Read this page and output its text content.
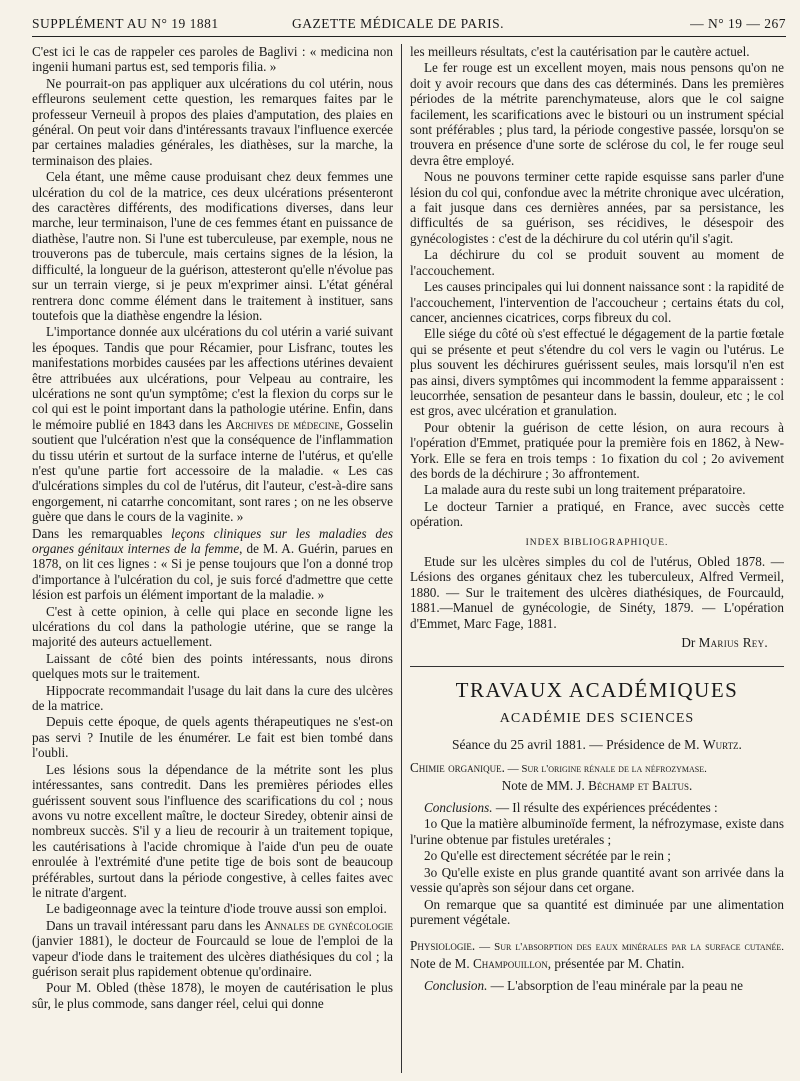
SUPPLÉMENT AU N° 19 1881	GAZETTE MÉDICALE DE PARIS.	— N° 19 — 267

C'est ici le cas de rappeler ces paroles de Baglivi : « medicina non ingenii humani partus est, sed temporis filia. »

Ne pourrait-on pas appliquer aux ulcérations du col utérin, nous effleurons seulement cette question, les remarques faites par le professeur Verneuil à propos des plaies d'amputation, des plaies en général. On peut voir dans d'intéressants travaux l'influence exercée par certaines maladies générales, les diathèses, sur la marche, la terminaison des plaies.

Cela étant, une même cause produisant chez deux femmes une ulcération du col de la matrice, ces deux ulcérations présenteront des caractères différents, des modifications diverses, dans leur marche, leur terminaison, l'une de ces femmes étant en puissance de diathèse, l'autre non. Si l'une est tuberculeuse, par exemple, nous ne trouverons pas de tubercule, mais certains signes de la lésion, la difficulté, la longueur de la guérison, attesteront qu'elle n'évolue pas sur un terrain vierge, si je peux m'exprimer ainsi. L'état général rentrera donc comme élément dans le traitement à instituer, sans toutefois que la diathèse engendre la lésion.

L'importance donnée aux ulcérations du col utérin a varié suivant les époques. Tandis que pour Récamier, pour Lisfranc, toutes les manifestations morbides causées par les affections utérines devaient être attribuées aux ulcérations, pour Velpeau au contraire, les ulcérations ne sont qu'un symptôme; c'est la flexion du corps sur le col qui est le point important dans la pathologie utérine. Enfin, dans le mémoire publié en 1843 dans les Archives de médecine, Gosselin soutient que l'ulcération n'est que la conséquence de l'inflammation du tissu utérin et surtout de la surface interne de l'utérus, et qu'elle n'est qu'une partie fort accessoire de la maladie. « Les cas d'ulcérations simples du col de l'utérus, dit l'auteur, c'est-à-dire sans engorgement, ni catarrhe concomitant, sont rares ; on ne les observe guère que dans le cours de la vaginite. »

Dans les remarquables leçons cliniques sur les maladies des organes génitaux internes de la femme, de M. A. Guérin, parues en 1878, on lit ces lignes : « Si je pense toujours que l'on a donné trop d'importance à l'ulcération du col, je suis forcé d'admettre que cette lésion est parfois un élément important de la maladie. »

C'est à cette opinion, à celle qui place en seconde ligne les ulcérations du col dans la pathologie utérine, que se range la majorité des auteurs actuellement.

Laissant de côté bien des points intéressants, nous dirons quelques mots sur le traitement.

Hippocrate recommandait l'usage du lait dans la cure des ulcères de la matrice.

Depuis cette époque, de quels agents thérapeutiques ne s'est-on pas servi ? Inutile de les énumérer. Le fait est bien tombé dans l'oubli.

Les lésions sous la dépendance de la métrite sont les plus intéressantes, sans contredit. Dans les premières périodes elles guérissent souvent sous l'influence des scarifications du col ; nous avons vu notre excellent maître, le docteur Siredey, obtenir ainsi de nombreux succès. S'il y a lieu de recourir à un traitement topique, les cautérisations à l'acide chromique à l'aide d'un peu de ouate enroulée à l'extrémité d'une petite tige de bois sont de beaucoup préférables, surtout dans la période congestive, à celles faites avec le nitrate d'argent.

Le badigeonnage avec la teinture d'iode trouve aussi son emploi.

Dans un travail intéressant paru dans les Annales de gynécologie (janvier 1881), le docteur de Fourcauld se loue de l'emploi de la vapeur d'iode dans le traitement des ulcères diathésiques du col ; la guérison serait plus rapidement obtenue qu'ordinaire.

Pour M. Obled (thèse 1878), le moyen de cautérisation le plus sûr, le plus commode, sans danger réel, celui qui donne

les meilleurs résultats, c'est la cautérisation par le cautère actuel.

Le fer rouge est un excellent moyen, mais nous pensons qu'on ne doit y avoir recours que dans des cas déterminés. Dans les premières périodes de la métrite parenchymateuse, alors que le col saigne facilement, les scarifications avec le bistouri ou un instrument spécial sont préférables ; plus tard, la période congestive passée, lorsqu'on se trouvera en présence d'une sorte de sclérose du col, le fer rouge seul devra être employé.

Nous ne pouvons terminer cette rapide esquisse sans parler d'une lésion du col qui, confondue avec la métrite chronique avec ulcération, a fait jusque dans ces dernières années, par sa persistance, les difficultés de sa guérison, ses récidives, le désespoir des gynécologistes : c'est de la déchirure du col utérin qu'il s'agit.

La déchirure du col se produit souvent au moment de l'accouchement.

Les causes principales qui lui donnent naissance sont : la rapidité de l'accouchement, l'intervention de l'accoucheur ; certains états du col, cancer, anciennes cicatrices, corps fibreux du col.

Elle siége du côté où s'est effectué le dégagement de la partie fœtale qui se présente et peut s'étendre du col vers le vagin ou l'utérus. Le plus souvent les déchirures guérissent seules, mais lorsqu'il n'en est pas ainsi, divers symptômes qui incommodent la femme apparaissent : leucorrhée, sensation de pesanteur dans le bassin, douleur, etc ; le col est gros, avec ulcération et granulation.

Pour obtenir la guérison de cette lésion, on aura recours à l'opération d'Emmet, pratiquée pour la première fois en 1862, à New-York. Elle se fera en trois temps : 1o fixation du col ; 2o avivement des bords de la déchirure ; 3o affrontement.

La malade aura du reste subi un long traitement préparatoire.

Le docteur Tarnier a pratiqué, en France, avec succès cette opération.

INDEX BIBLIOGRAPHIQUE.

Etude sur les ulcères simples du col de l'utérus, Obled 1878. — Lésions des organes génitaux chez les tuberculeux, Alfred Vermeil, 1880. — Sur le traitement des ulcères diathésiques, de Fourcauld, 1881.—Manuel de gynécologie, de Sinéty, 1879. — L'opération d'Emmet, Marc Fage, 1881.

Dr Marius Rey.

TRAVAUX ACADÉMIQUES
ACADÉMIE DES SCIENCES

Séance du 25 avril 1881. — Présidence de M. Wurtz.

Chimie organique. — Sur l'origine rénale de la néfrozymase.
Note de MM. J. Béchamp et Baltus.

Conclusions. — Il résulte des expériences précédentes :

1o Que la matière albuminoïde ferment, la néfrozymase, existe dans l'urine obtenue par fistules uretérales ;

2o Qu'elle est directement sécrétée par le rein ;

3o Qu'elle existe en plus grande quantité avant son arrivée dans la vessie qu'après son séjour dans cet organe.

On remarque que sa quantité est diminuée par une alimentation purement végétale.

Physiologie. — Sur l'absorption des eaux minérales par la surface cutanée. Note de M. Champouillon, présentée par M. Chatin.

Conclusion. — L'absorption de l'eau minérale par la peau ne
